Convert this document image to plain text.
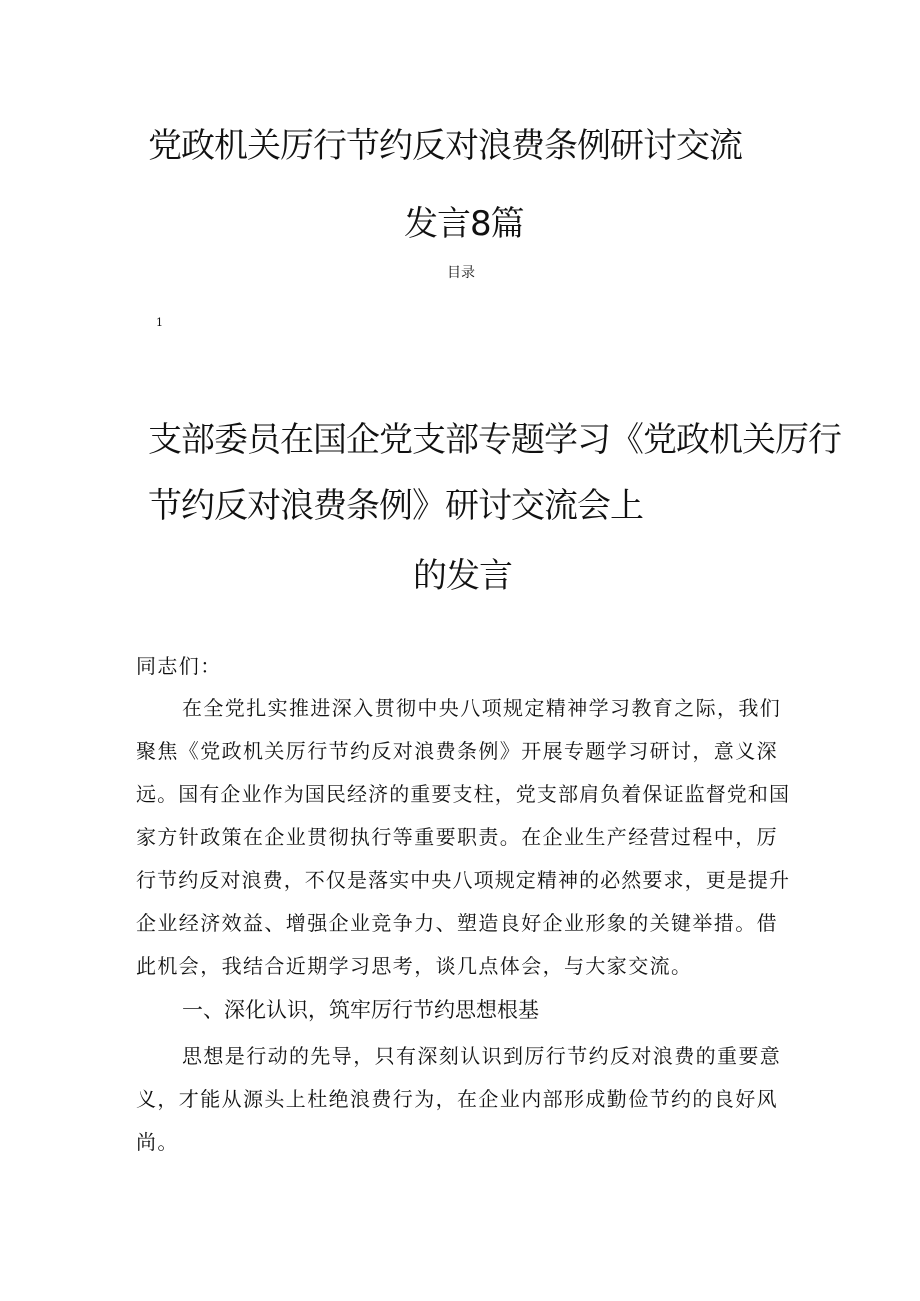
党政机关厉行节约反对浪费条例研讨交流
发言8篇
目录
1
支部委员在国企党支部专题学习《党政机关厉行
节约反对浪费条例》研讨交流会上
的发言
同志们：
在全党扎实推进深入贯彻中央八项规定精神学习教育之际，我们
聚焦《党政机关厉行节约反对浪费条例》开展专题学习研讨，意义深
远。国有企业作为国民经济的重要支柱，党支部肩负着保证监督党和国
家方针政策在企业贯彻执行等重要职责。在企业生产经营过程中，厉
行节约反对浪费，不仅是落实中央八项规定精神的必然要求，更是提升
企业经济效益、增强企业竞争力、塑造良好企业形象的关键举措。借
此机会，我结合近期学习思考，谈几点体会，与大家交流。
一、深化认识，筑牢厉行节约思想根基
思想是行动的先导，只有深刻认识到厉行节约反对浪费的重要意
义，才能从源头上杜绝浪费行为，在企业内部形成勤俭节约的良好风
尚。
